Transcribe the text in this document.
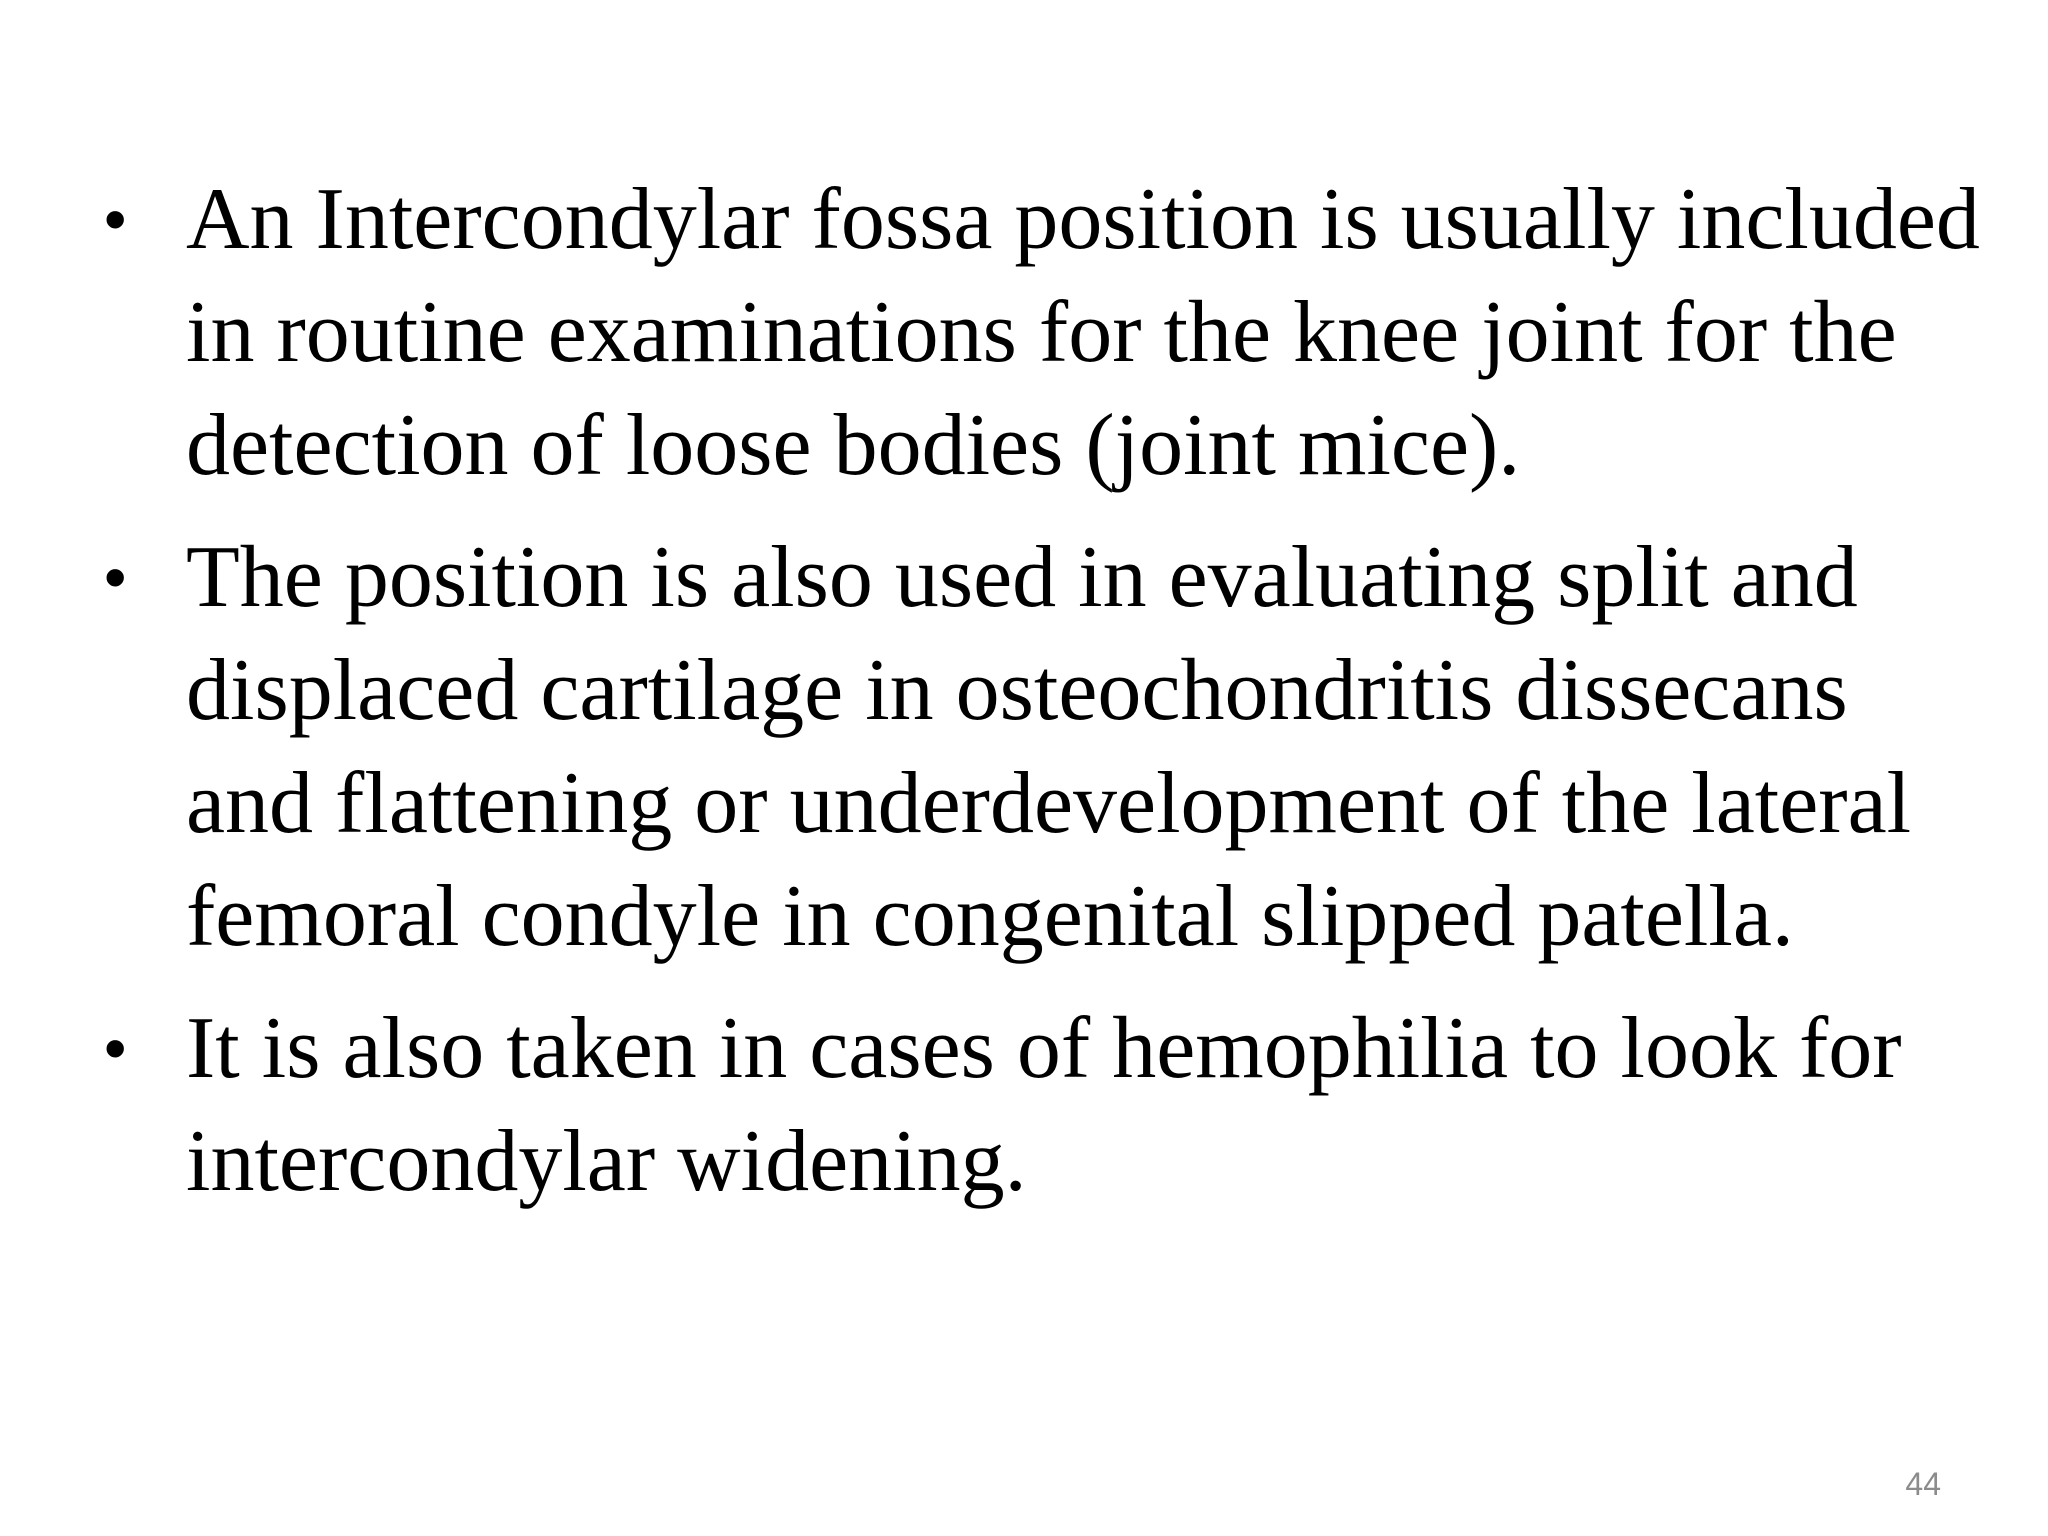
• An Intercondylar fossa position is usually included in routine examinations for the knee joint for the detection of loose bodies (joint mice).
• The position is also used in evaluating split and displaced cartilage in osteochondritis dissecans and flattening or underdevelopment of the lateral femoral condyle in congenital slipped patella.
• It is also taken in cases of hemophilia to look for intercondylar widening.
44
